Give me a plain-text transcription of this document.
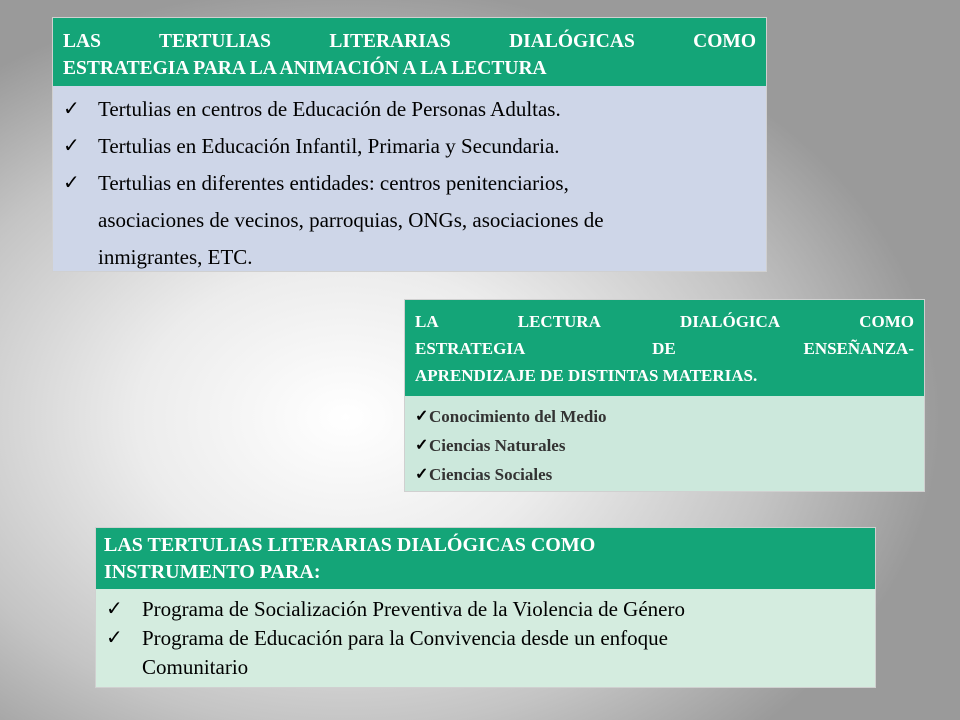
LAS TERTULIAS LITERARIAS DIALÓGICAS COMO
ESTRATEGIA PARA LA ANIMACIÓN A LA LECTURA
✓ Tertulias en centros de Educación de Personas Adultas.
✓ Tertulias en Educación Infantil, Primaria y Secundaria.
✓ Tertulias en diferentes entidades: centros penitenciarios,
asociaciones de vecinos, parroquias, ONGs, asociaciones de
inmigrantes, ETC.
LA LECTURA DIALÓGICA COMO
ESTRATEGIA DE ENSEÑANZA-
APRENDIZAJE DE DISTINTAS MATERIAS.
✓ Conocimiento del Medio
✓ Ciencias Naturales
✓ Ciencias Sociales
LAS TERTULIAS LITERARIAS DIALÓGICAS COMO
INSTRUMENTO PARA:
✓ Programa de Socialización Preventiva de la Violencia de Género
✓ Programa de Educación para la Convivencia desde un enfoque
Comunitario
